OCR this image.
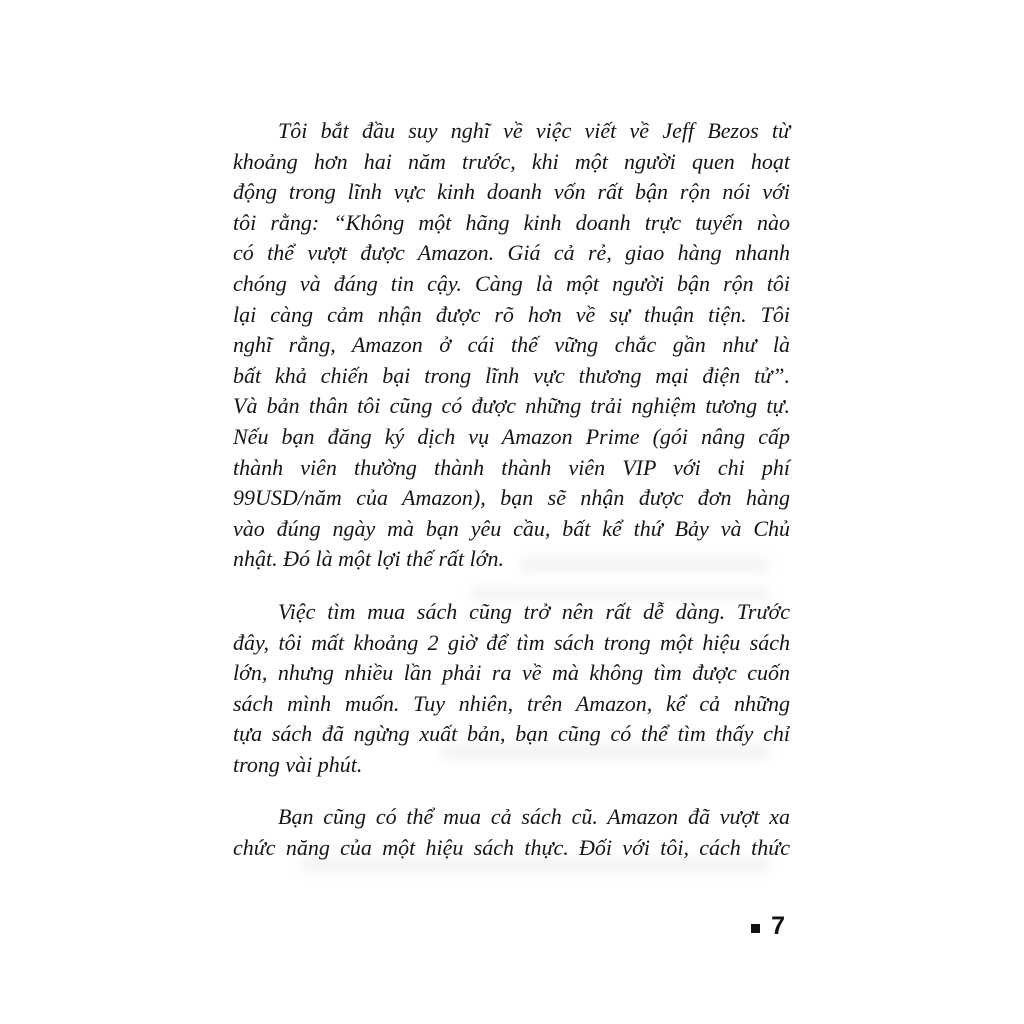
Tôi bắt đầu suy nghĩ về việc viết về Jeff Bezos từ
khoảng hơn hai năm trước, khi một người quen hoạt
động trong lĩnh vực kinh doanh vốn rất bận rộn nói với
tôi rằng: “Không một hãng kinh doanh trực tuyến nào
có thể vượt được Amazon. Giá cả rẻ, giao hàng nhanh
chóng và đáng tin cậy. Càng là một người bận rộn tôi
lại càng cảm nhận được rõ hơn về sự thuận tiện. Tôi
nghĩ rằng, Amazon ở cái thế vững chắc gần như là
bất khả chiến bại trong lĩnh vực thương mại điện tử”.
Và bản thân tôi cũng có được những trải nghiệm tương tự.
Nếu bạn đăng ký dịch vụ Amazon Prime (gói nâng cấp
thành viên thường thành thành viên VIP với chi phí
99USD/năm của Amazon), bạn sẽ nhận được đơn hàng
vào đúng ngày mà bạn yêu cầu, bất kể thứ Bảy và Chủ
nhật. Đó là một lợi thế rất lớn.
Việc tìm mua sách cũng trở nên rất dễ dàng. Trước
đây, tôi mất khoảng 2 giờ để tìm sách trong một hiệu sách
lớn, nhưng nhiều lần phải ra về mà không tìm được cuốn
sách mình muốn. Tuy nhiên, trên Amazon, kể cả những
tựa sách đã ngừng xuất bản, bạn cũng có thể tìm thấy chỉ
trong vài phút.
Bạn cũng có thể mua cả sách cũ. Amazon đã vượt xa
chức năng của một hiệu sách thực. Đối với tôi, cách thức
7
